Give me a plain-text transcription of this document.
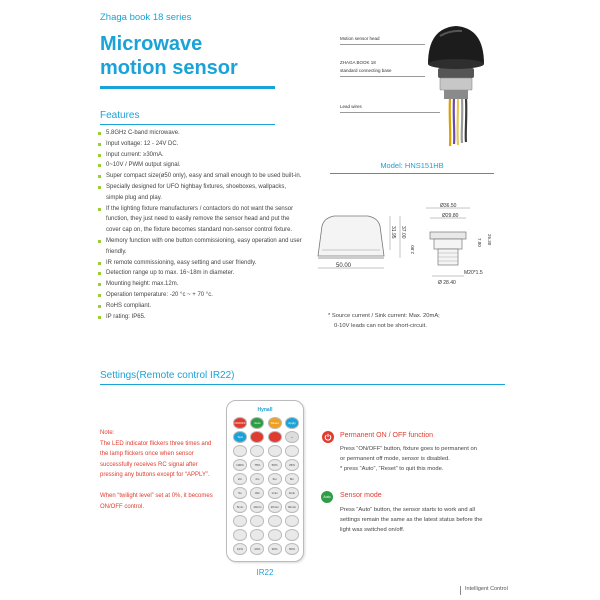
Zhaga book 18 series
Microwave
motion sensor
Features
5.8GHz C-band microwave.
Input voltage: 12 - 24V DC.
Input current: ≥30mA.
0~10V / PWM output signal.
Super compact size(ø50 only), easy and small enough to be used built-in.
Specially designed for UFO highbay fixtures, shoeboxes, wallpacks, simple plug and play.
If the lighting fixture manufacturers / contactors do not want the sensor function, they just need to easily remove the sensor head and put the cover cap on, the fixture becomes standard non-sensor control fixture.
Memory function with one button commissioning, easy operation and user friendly.
IR remote commissioning, easy setting and user friendly.
Detection range up to max. 16~18m in diameter.
Mounting height: max.12m.
Operation temperature: -20 °c ~ + 70 °c.
RoHS compliant.
IP rating: IP65.
Motion sensor head
ZHAGA BOOK 18
standard connecting base
Lead wires
Model: HNS151HB
50.00
31.95 37.00
Ø36.50
Ø29.80
2.80
7.80 26.30
M20*1.5
Ø 28.40
* Source current / Sink current: Max. 20mA;
0-10V leads can not be short-circuit.
Settings(Remote control IR22)
Note:
The LED indicator flickers three times and the lamp flickers once when sensor successfully receives RC signal after pressing any buttons except for “APPLY”.
When “twilight level” set at 0%, it becomes ON/OFF control.
Hynall
ON/OFF	Auto	Reset	Apply
Test	+
100%	75%	50%	25%
2m	4m	6m	8m
5s	30s	1min	3min
5min	10min	20min	30min
10%	20%	30%	50%
IR22
Permanent ON / OFF function
Press “ON/OFF” button, fixture goes to permanent on
or permanent off mode, sensor is disabled.
* press “Auto”, “Reset” to quit this mode.
Auto	Sensor mode
Press “Auto” button, the sensor starts to work and all
settings remain the same as the latest status before the
light was switched on/off.
Intelligent Control
